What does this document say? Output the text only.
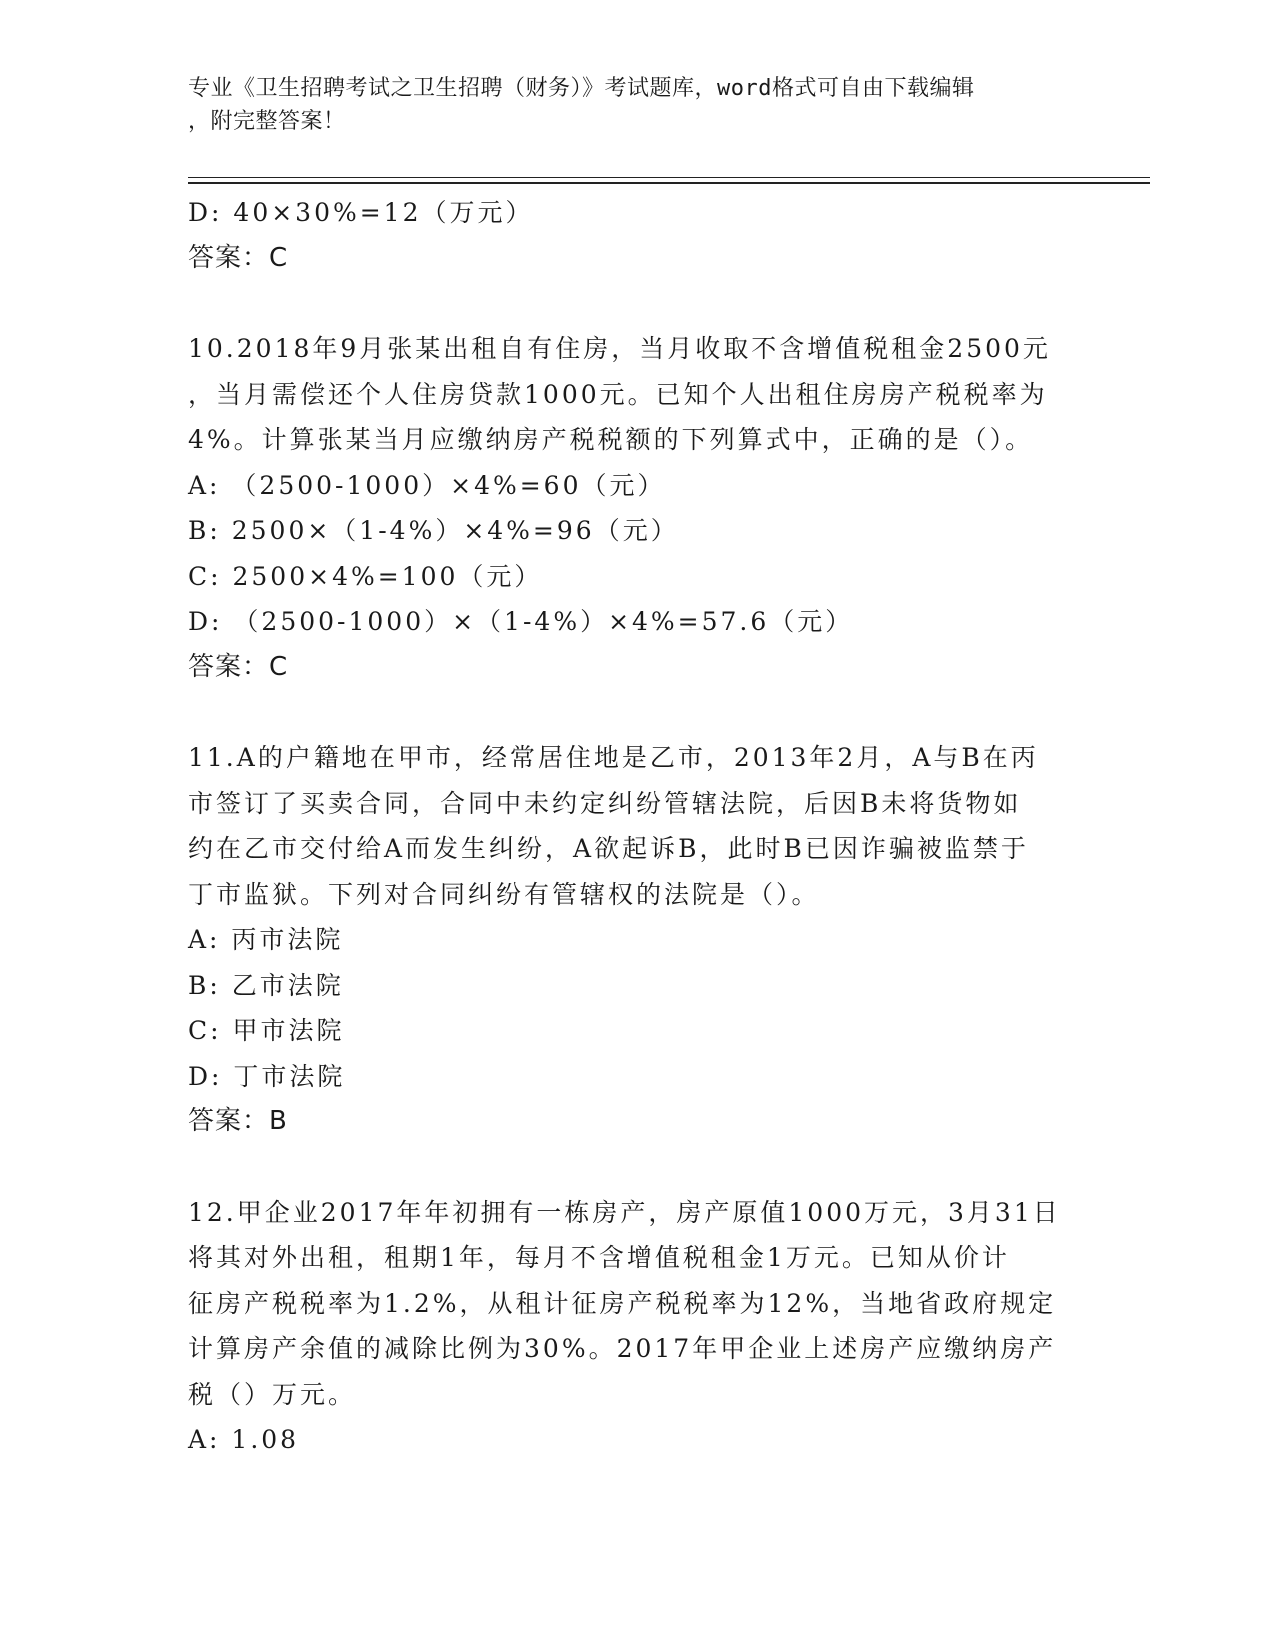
专业《卫生招聘考试之卫生招聘（财务）》考试题库，word格式可自由下载编辑
，附完整答案！
D: 40×30%=12（万元）
答案：C
10.2018年9月张某出租自有住房，当月收取不含增值税租金2500元
，当月需偿还个人住房贷款1000元。已知个人出租住房房产税税率为
4%。计算张某当月应缴纳房产税税额的下列算式中，正确的是（）。
A: （2500-1000）×4%=60（元）
B: 2500×（1-4%）×4%=96（元）
C: 2500×4%=100（元）
D: （2500-1000）×（1-4%）×4%=57.6（元）
答案：C
11.A的户籍地在甲市，经常居住地是乙市，2013年2月，A与B在丙
市签订了买卖合同，合同中未约定纠纷管辖法院，后因B未将货物如
约在乙市交付给A而发生纠纷，A欲起诉B，此时B已因诈骗被监禁于
丁市监狱。下列对合同纠纷有管辖权的法院是（）。
A: 丙市法院
B: 乙市法院
C: 甲市法院
D: 丁市法院
答案：B
12.甲企业2017年年初拥有一栋房产，房产原值1000万元，3月31日
将其对外出租，租期1年，每月不含增值税租金1万元。已知从价计
征房产税税率为1.2%，从租计征房产税税率为12%，当地省政府规定
计算房产余值的减除比例为30%。2017年甲企业上述房产应缴纳房产
税（）万元。
A: 1.08
